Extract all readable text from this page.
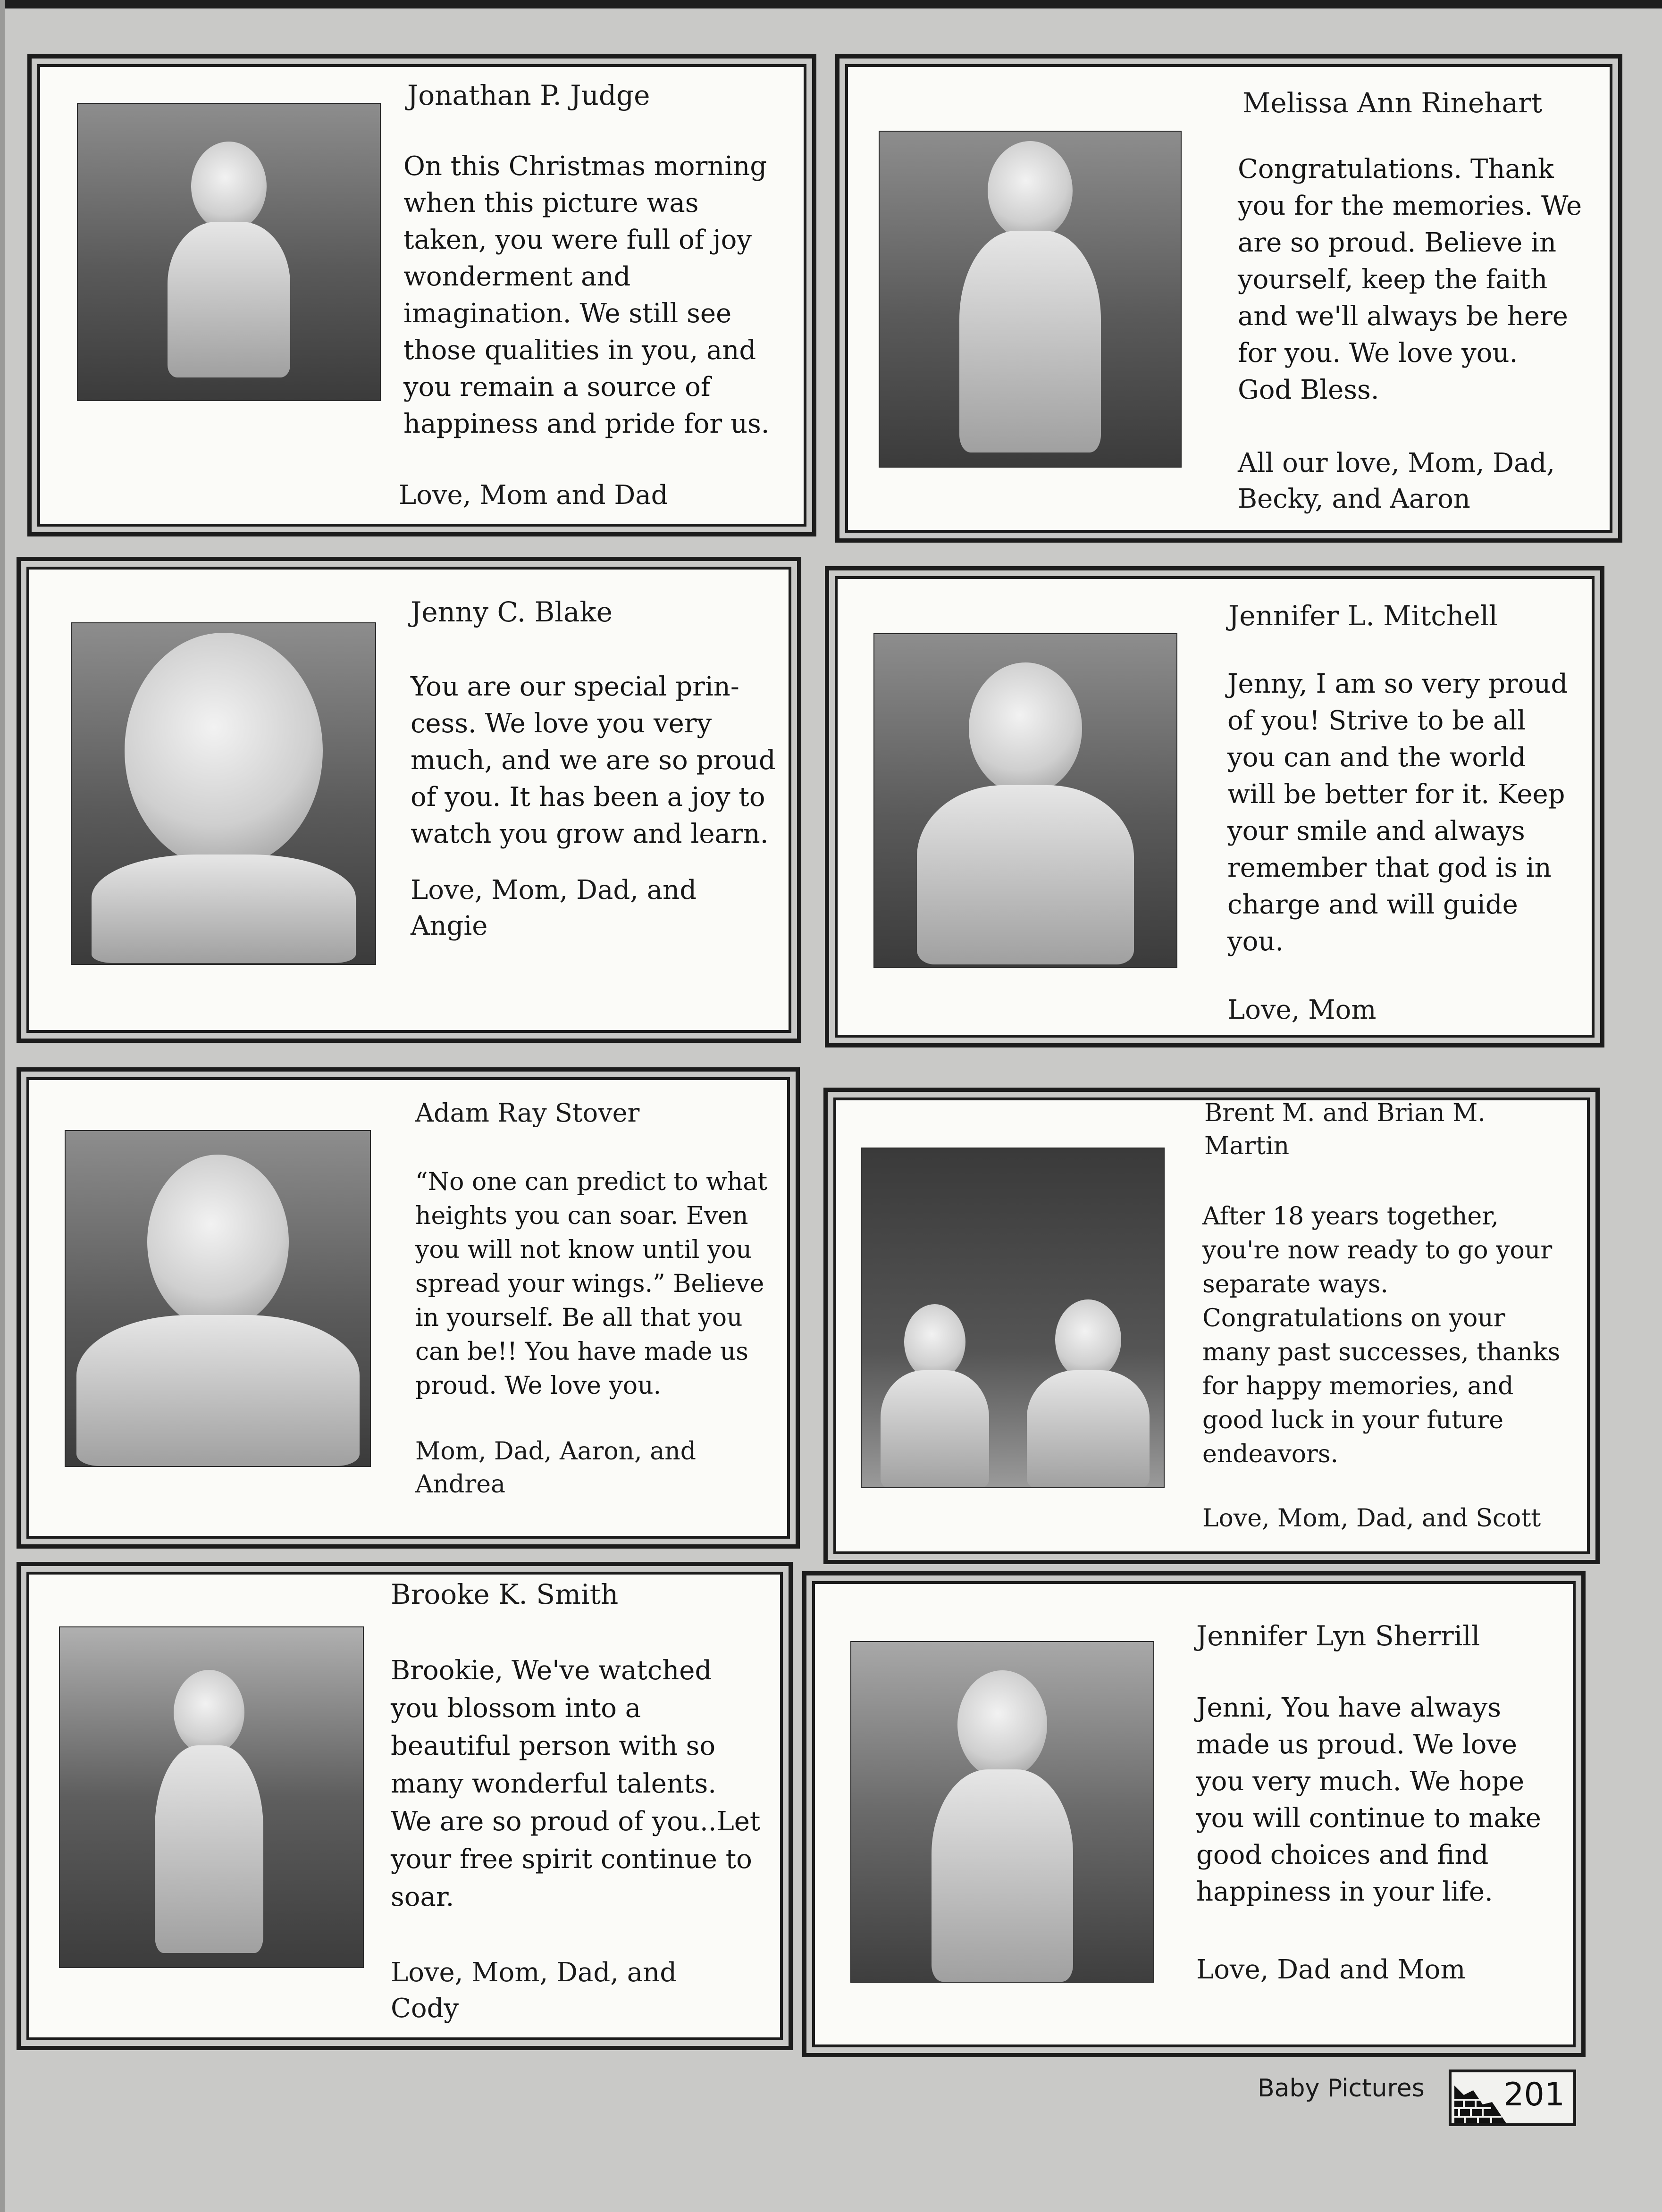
Jonathan P. Judge

On this Christmas morning
when this picture was
taken, you were full of joy
wonderment and
imagination. We still see
those qualities in you, and
you remain a source of
happiness and pride for us.

Love, Mom and Dad

Melissa Ann Rinehart

Congratulations. Thank
you for the memories. We
are so proud. Believe in
yourself, keep the faith
and we'll always be here
for you. We love you.
God Bless.

All our love, Mom, Dad,
Becky, and Aaron

Jenny C. Blake

You are our special prin-
cess. We love you very
much, and we are so proud
of you. It has been a joy to
watch you grow and learn.

Love, Mom, Dad, and
Angie

Jennifer L. Mitchell

Jenny, I am so very proud
of you! Strive to be all
you can and the world
will be better for it. Keep
your smile and always
remember that god is in
charge and will guide
you.

Love, Mom

Adam Ray Stover

“No one can predict to what
heights you can soar. Even
you will not know until you
spread your wings.” Believe
in yourself. Be all that you
can be!! You have made us
proud. We love you.

Mom, Dad, Aaron, and
Andrea

Brent M. and Brian M.
Martin

After 18 years together,
you're now ready to go your
separate ways.
Congratulations on your
many past successes, thanks
for happy memories, and
good luck in your future
endeavors.

Love, Mom, Dad, and Scott

Brooke K. Smith

Brookie, We've watched
you blossom into a
beautiful person with so
many wonderful talents.
We are so proud of you..Let
your free spirit continue to
soar.

Love, Mom, Dad, and
Cody

Jennifer Lyn Sherrill

Jenni, You have always
made us proud. We love
you very much. We hope
you will continue to make
good choices and find
happiness in your life.

Love, Dad and Mom

Baby Pictures 201
